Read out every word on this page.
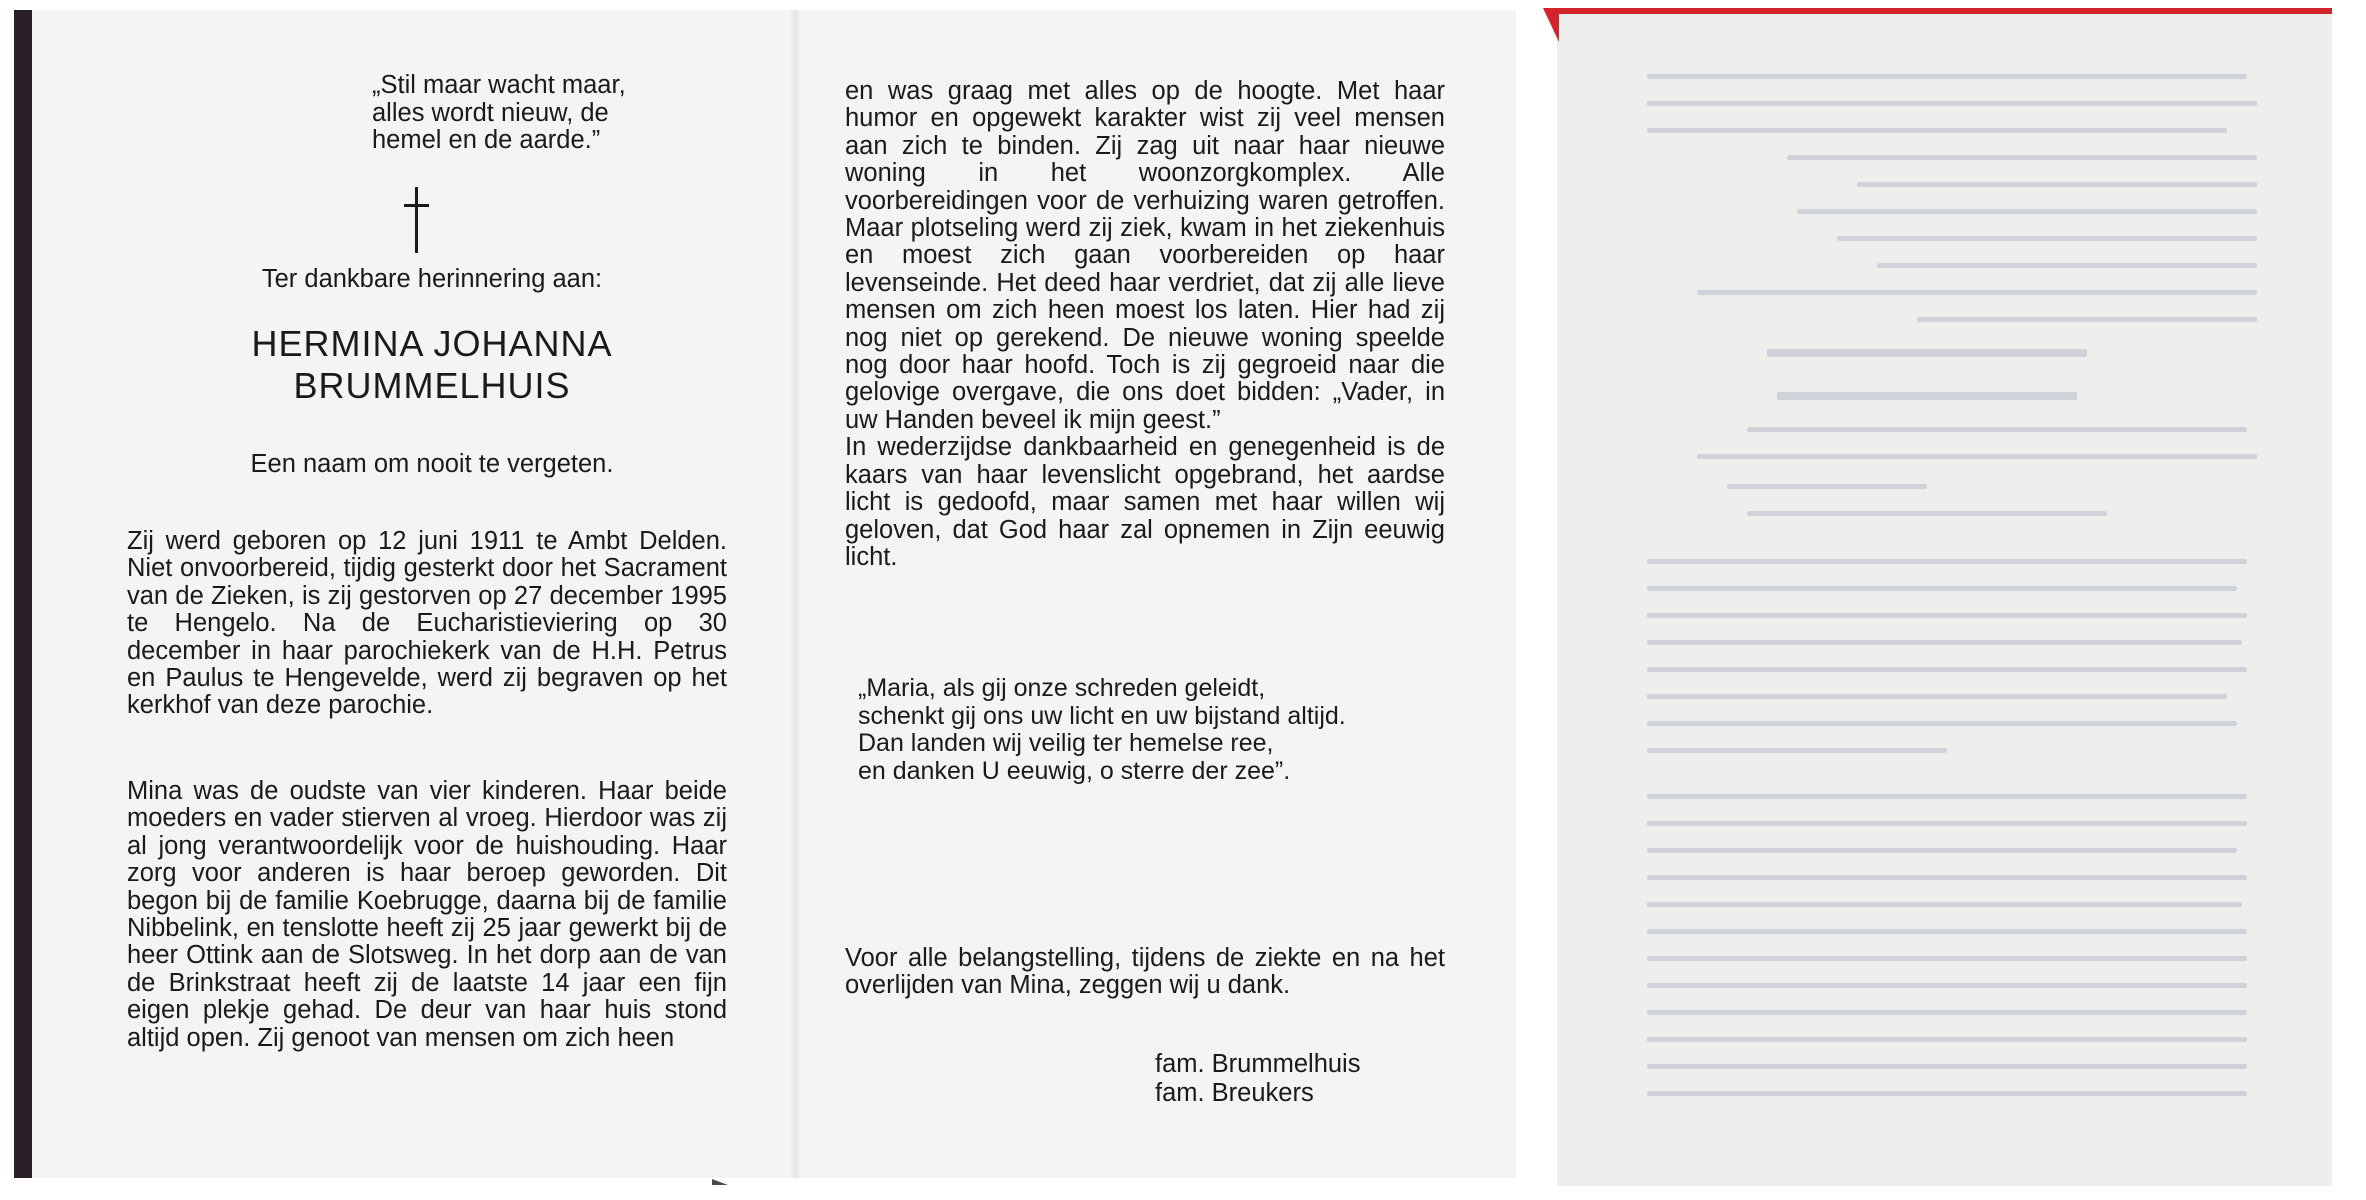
„Stil maar wacht maar,
alles wordt nieuw, de
hemel en de aarde.”

Ter dankbare herinnering aan:

HERMINA JOHANNA

BRUMMELHUIS

Een naam om nooit te vergeten.

Zij werd geboren op 12 juni 1911 te Ambt Delden. Niet onvoorbereid, tijdig gesterkt door het Sacrament van de Zieken, is zij gestorven op 27 december 1995 te Hengelo. Na de Eucharistieviering op 30 december in haar parochiekerk van de H.H. Petrus en Paulus te Hengevelde, werd zij begraven op het kerkhof van deze parochie.

Mina was de oudste van vier kinderen. Haar beide moeders en vader stierven al vroeg. Hierdoor was zij al jong verantwoordelijk voor de huishouding. Haar zorg voor anderen is haar beroep geworden. Dit begon bij de familie Koebrugge, daarna bij de familie Nibbelink, en tenslotte heeft zij 25 jaar gewerkt bij de heer Ottink aan de Slotsweg. In het dorp aan de van de Brinkstraat heeft zij de laatste 14 jaar een fijn eigen plekje gehad. De deur van haar huis stond altijd open. Zij genoot van mensen om zich heen

en was graag met alles op de hoogte. Met haar humor en opgewekt karakter wist zij veel mensen aan zich te binden. Zij zag uit naar haar nieuwe woning in het woonzorgkomplex. Alle voorbereidingen voor de verhuizing waren getroffen. Maar plotseling werd zij ziek, kwam in het ziekenhuis en moest zich gaan voorbereiden op haar levenseinde. Het deed haar verdriet, dat zij alle lieve mensen om zich heen moest los laten. Hier had zij nog niet op gerekend. De nieuwe woning speelde nog door haar hoofd. Toch is zij gegroeid naar die gelovige overgave, die ons doet bidden: „Vader, in uw Handen beveel ik mijn geest.”

In wederzijdse dankbaarheid en genegenheid is de kaars van haar levenslicht opgebrand, het aardse licht is gedoofd, maar samen met haar willen wij geloven, dat God haar zal opnemen in Zijn eeuwig licht.

„Maria, als gij onze schreden geleidt,
schenkt gij ons uw licht en uw bijstand altijd.
Dan landen wij veilig ter hemelse ree,
en danken U eeuwig, o sterre der zee”.

Voor alle belangstelling, tijdens de ziekte en na het overlijden van Mina, zeggen wij u dank.

fam. Brummelhuis
fam. Breukers
